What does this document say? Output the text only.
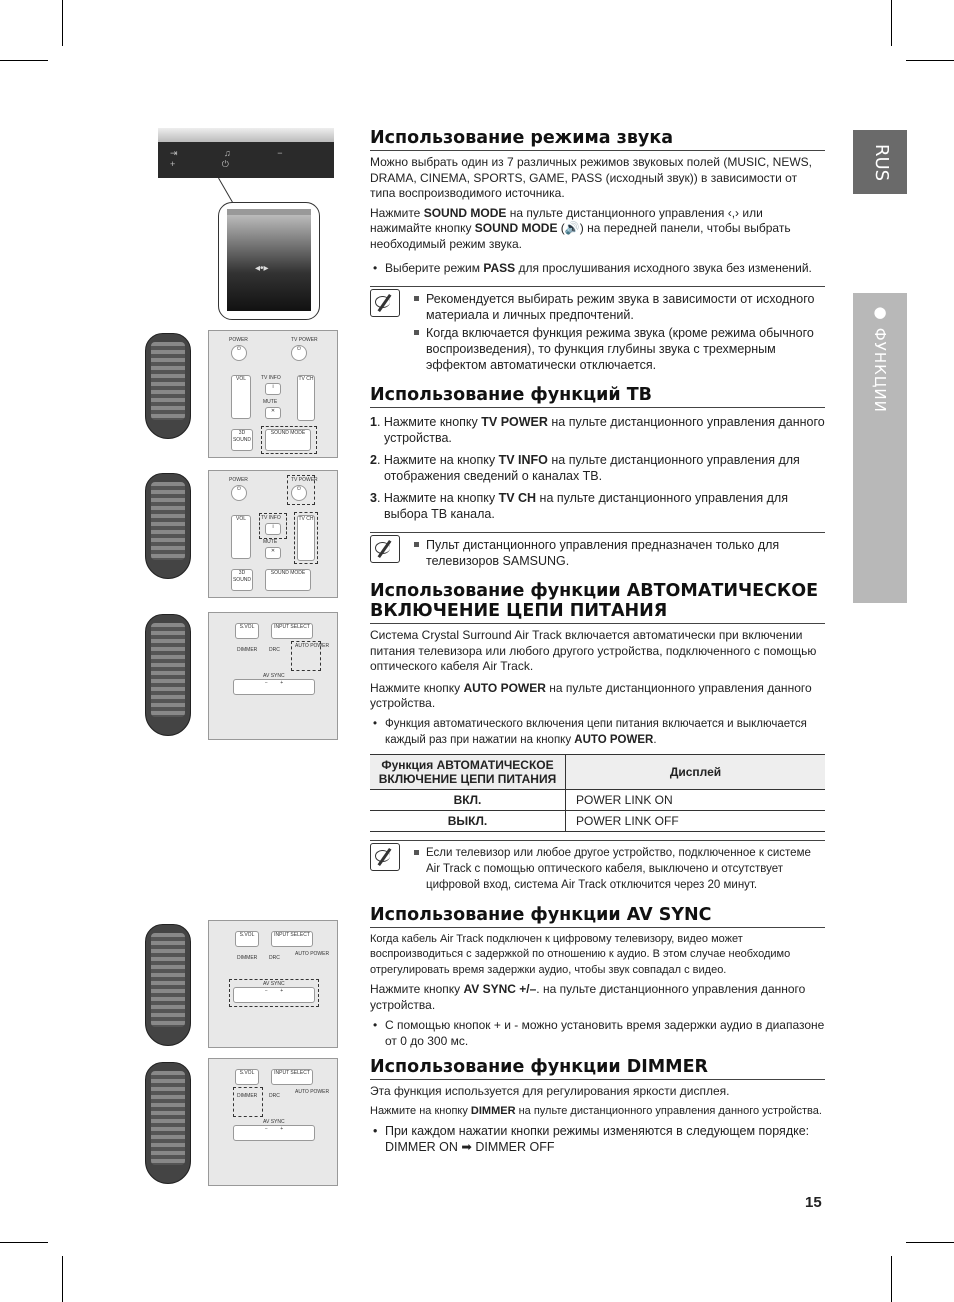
RUS
● ФУНКЦИИ
⇥ ♫ − + ⏻
◂•▸
POWER	TV POWER
⏻	⏻
VOL	TV INFO
i
MUTE
✕
TV CH
3D SOUND
SOUND MODE
POWER	TV POWER
⏻	⏻
VOL	TV INFO
i
MUTE
✕
TV CH
3D SOUND
SOUND MODE
S.VOL	INPUT SELECT
DIMMER DRC
AUTO POWER
AV SYNC
−         +
S.VOL	INPUT SELECT
DIMMER DRC
AUTO POWER
AV SYNC
−         +
S.VOL	INPUT SELECT
DIMMER DRC
AUTO POWER
AV SYNC
−         +
Использование режима звука

Можно выбрать один из 7 различных режимов звуковых полей (MUSIC, NEWS, DRAMA, CINEMA, SPORTS, GAME, PASS (исходный звук)) в зависимости от типа воспроизводимого источника.

Нажмите SOUND MODE на пульте дистанционного управления ‹,› или нажимайте кнопку SOUND MODE (🔊) на передней панели, чтобы выбрать необходимый режим звука.

• Выберите режим PASS для прослушивания исходного звука без изменений.
Рекомендуется выбирать режим звука в зависимости от исходного материала и личных предпочтений.
Когда включается функция режима звука (кроме режима обычного воспроизведения), то функция глубины звука с трехмерным эффектом автоматически отключается.
Использование функций ТВ
1. Нажмите кнопку TV POWER на пульте дистанционного управления данного устройства.
2. Нажмите на кнопку TV INFO на пульте дистанционного управления для отображения сведений о каналах ТВ.
3. Нажмите на кнопку TV CH на пульте дистанционного управления для выбора ТВ канала.
Пульт дистанционного управления предназначен только для телевизоров SAMSUNG.
Использование функции АВТОМАТИЧЕСКОЕ ВКЛЮЧЕНИЕ ЦЕПИ ПИТАНИЯ

Система Crystal Surround Air Track включается автоматически при включении питания телевизора или любого другого устройства, подключенного с помощью оптического кабеля Air Track.

Нажмите кнопку AUTO POWER на пульте дистанционного управления данного устройства.

• Функция автоматического включения цепи питания включается и выключается каждый раз при нажатии на кнопку AUTO POWER.
Функция АВТОМАТИЧЕСКОЕ ВКЛЮЧЕНИЕ ЦЕПИ ПИТАНИЯ	Дисплей
ВКЛ.	POWER LINK ON
ВЫКЛ.	POWER LINK OFF
Если телевизор или любое другое устройство, подключенное к системе Air Track с помощью оптического кабеля, выключено и отсутствует цифровой вход, система Air Track отключится через 20 минут.
Использование функции AV SYNC

Когда кабель Air Track подключен к цифровому телевизору, видео может воспроизводиться с задержкой по отношению к аудио. В этом случае необходимо отрегулировать время задержки аудио, чтобы звук совпадал с видео.

Нажмите кнопку AV SYNC +/–. на пульте дистанционного управления данного устройства.

• С помощью кнопок + и - можно установить время задержки аудио в диапазоне от 0 до 300 мс.
Использование функции DIMMER

Эта функция используется для регулирования яркости дисплея.

Нажмите на кнопку DIMMER на пульте дистанционного управления данного устройства.

• При каждом нажатии кнопки режимы изменяются в следующем порядке: DIMMER ON ➡ DIMMER OFF
15
